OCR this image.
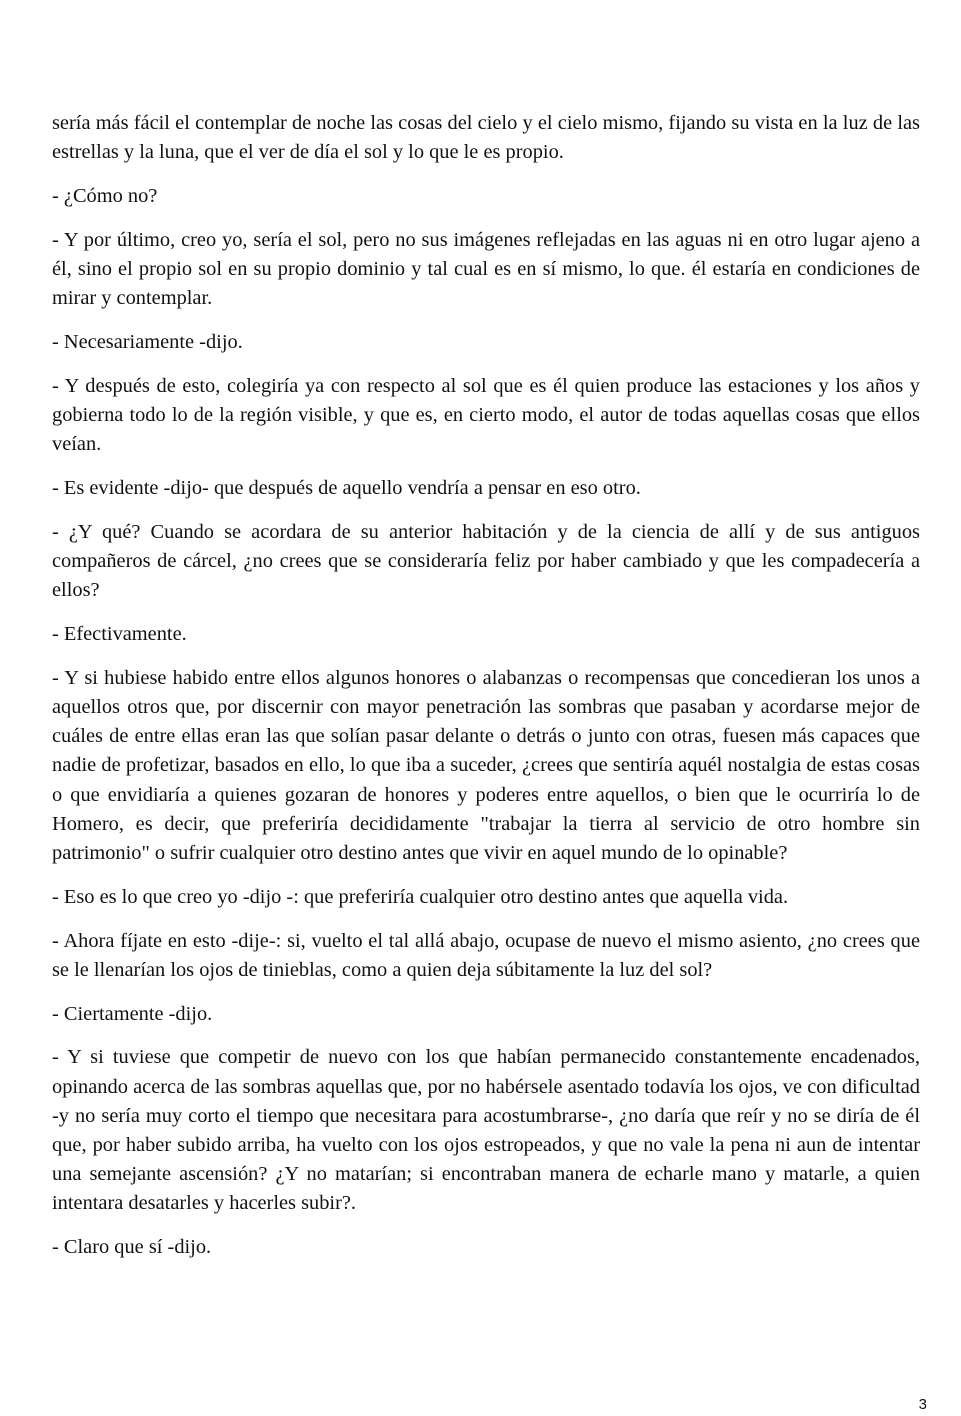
sería más fácil el contemplar de noche las cosas del cielo y el cielo mismo, fijando su vista en la luz de las estrellas y la luna, que el ver de día el sol y lo que le es propio.

- ¿Cómo no?

- Y por último, creo yo, sería el sol, pero no sus imágenes reflejadas en las aguas ni en otro lugar ajeno a él, sino el propio sol en su propio dominio y tal cual es en sí mismo, lo que. él estaría en condiciones de mirar y contemplar.

- Necesariamente -dijo.

- Y después de esto, colegiría ya con respecto al sol que es él quien produce las estaciones y los años y gobierna todo lo de la región visible, y que es, en cierto modo, el autor de todas aquellas cosas que ellos veían.

- Es evidente -dijo- que después de aquello vendría a pensar en eso otro.

- ¿Y qué? Cuando se acordara de su anterior habitación y de la ciencia de allí y de sus antiguos compañeros de cárcel, ¿no crees que se consideraría feliz por haber cambiado y que les compadecería a ellos?

- Efectivamente.

- Y si hubiese habido entre ellos algunos honores o alabanzas o recompensas que concedieran los unos a aquellos otros que, por discernir con mayor penetración las sombras que pasaban y acordarse mejor de cuáles de entre ellas eran las que solían pasar delante o detrás o junto con otras, fuesen más capaces que nadie de profetizar, basados en ello, lo que iba a suceder, ¿crees que sentiría aquél nostalgia de estas cosas o que envidiaría a quienes gozaran de honores y poderes entre aquellos, o bien que le ocurriría lo de Homero, es decir, que preferiría decididamente "trabajar la tierra al servicio de otro hombre sin patrimonio" o sufrir cualquier otro destino antes que vivir en aquel mundo de lo opinable?

- Eso es lo que creo yo -dijo -: que preferiría cualquier otro destino antes que aquella vida.

- Ahora fíjate en esto -dije-: si, vuelto el tal allá abajo, ocupase de nuevo el mismo asiento, ¿no crees que se le llenarían los ojos de tinieblas, como a quien deja súbitamente la luz del sol?

- Ciertamente -dijo.

- Y si tuviese que competir de nuevo con los que habían permanecido constantemente encadenados, opinando acerca de las sombras aquellas que, por no habérsele asentado todavía los ojos, ve con dificultad -y no sería muy corto el tiempo que necesitara para acostumbrarse-, ¿no daría que reír y no se diría de él que, por haber subido arriba, ha vuelto con los ojos estropeados, y que no vale la pena ni aun de intentar una semejante ascensión? ¿Y no matarían; si encontraban manera de echarle mano y matarle, a quien intentara desatarles y hacerles subir?.

- Claro que sí -dijo.

3
